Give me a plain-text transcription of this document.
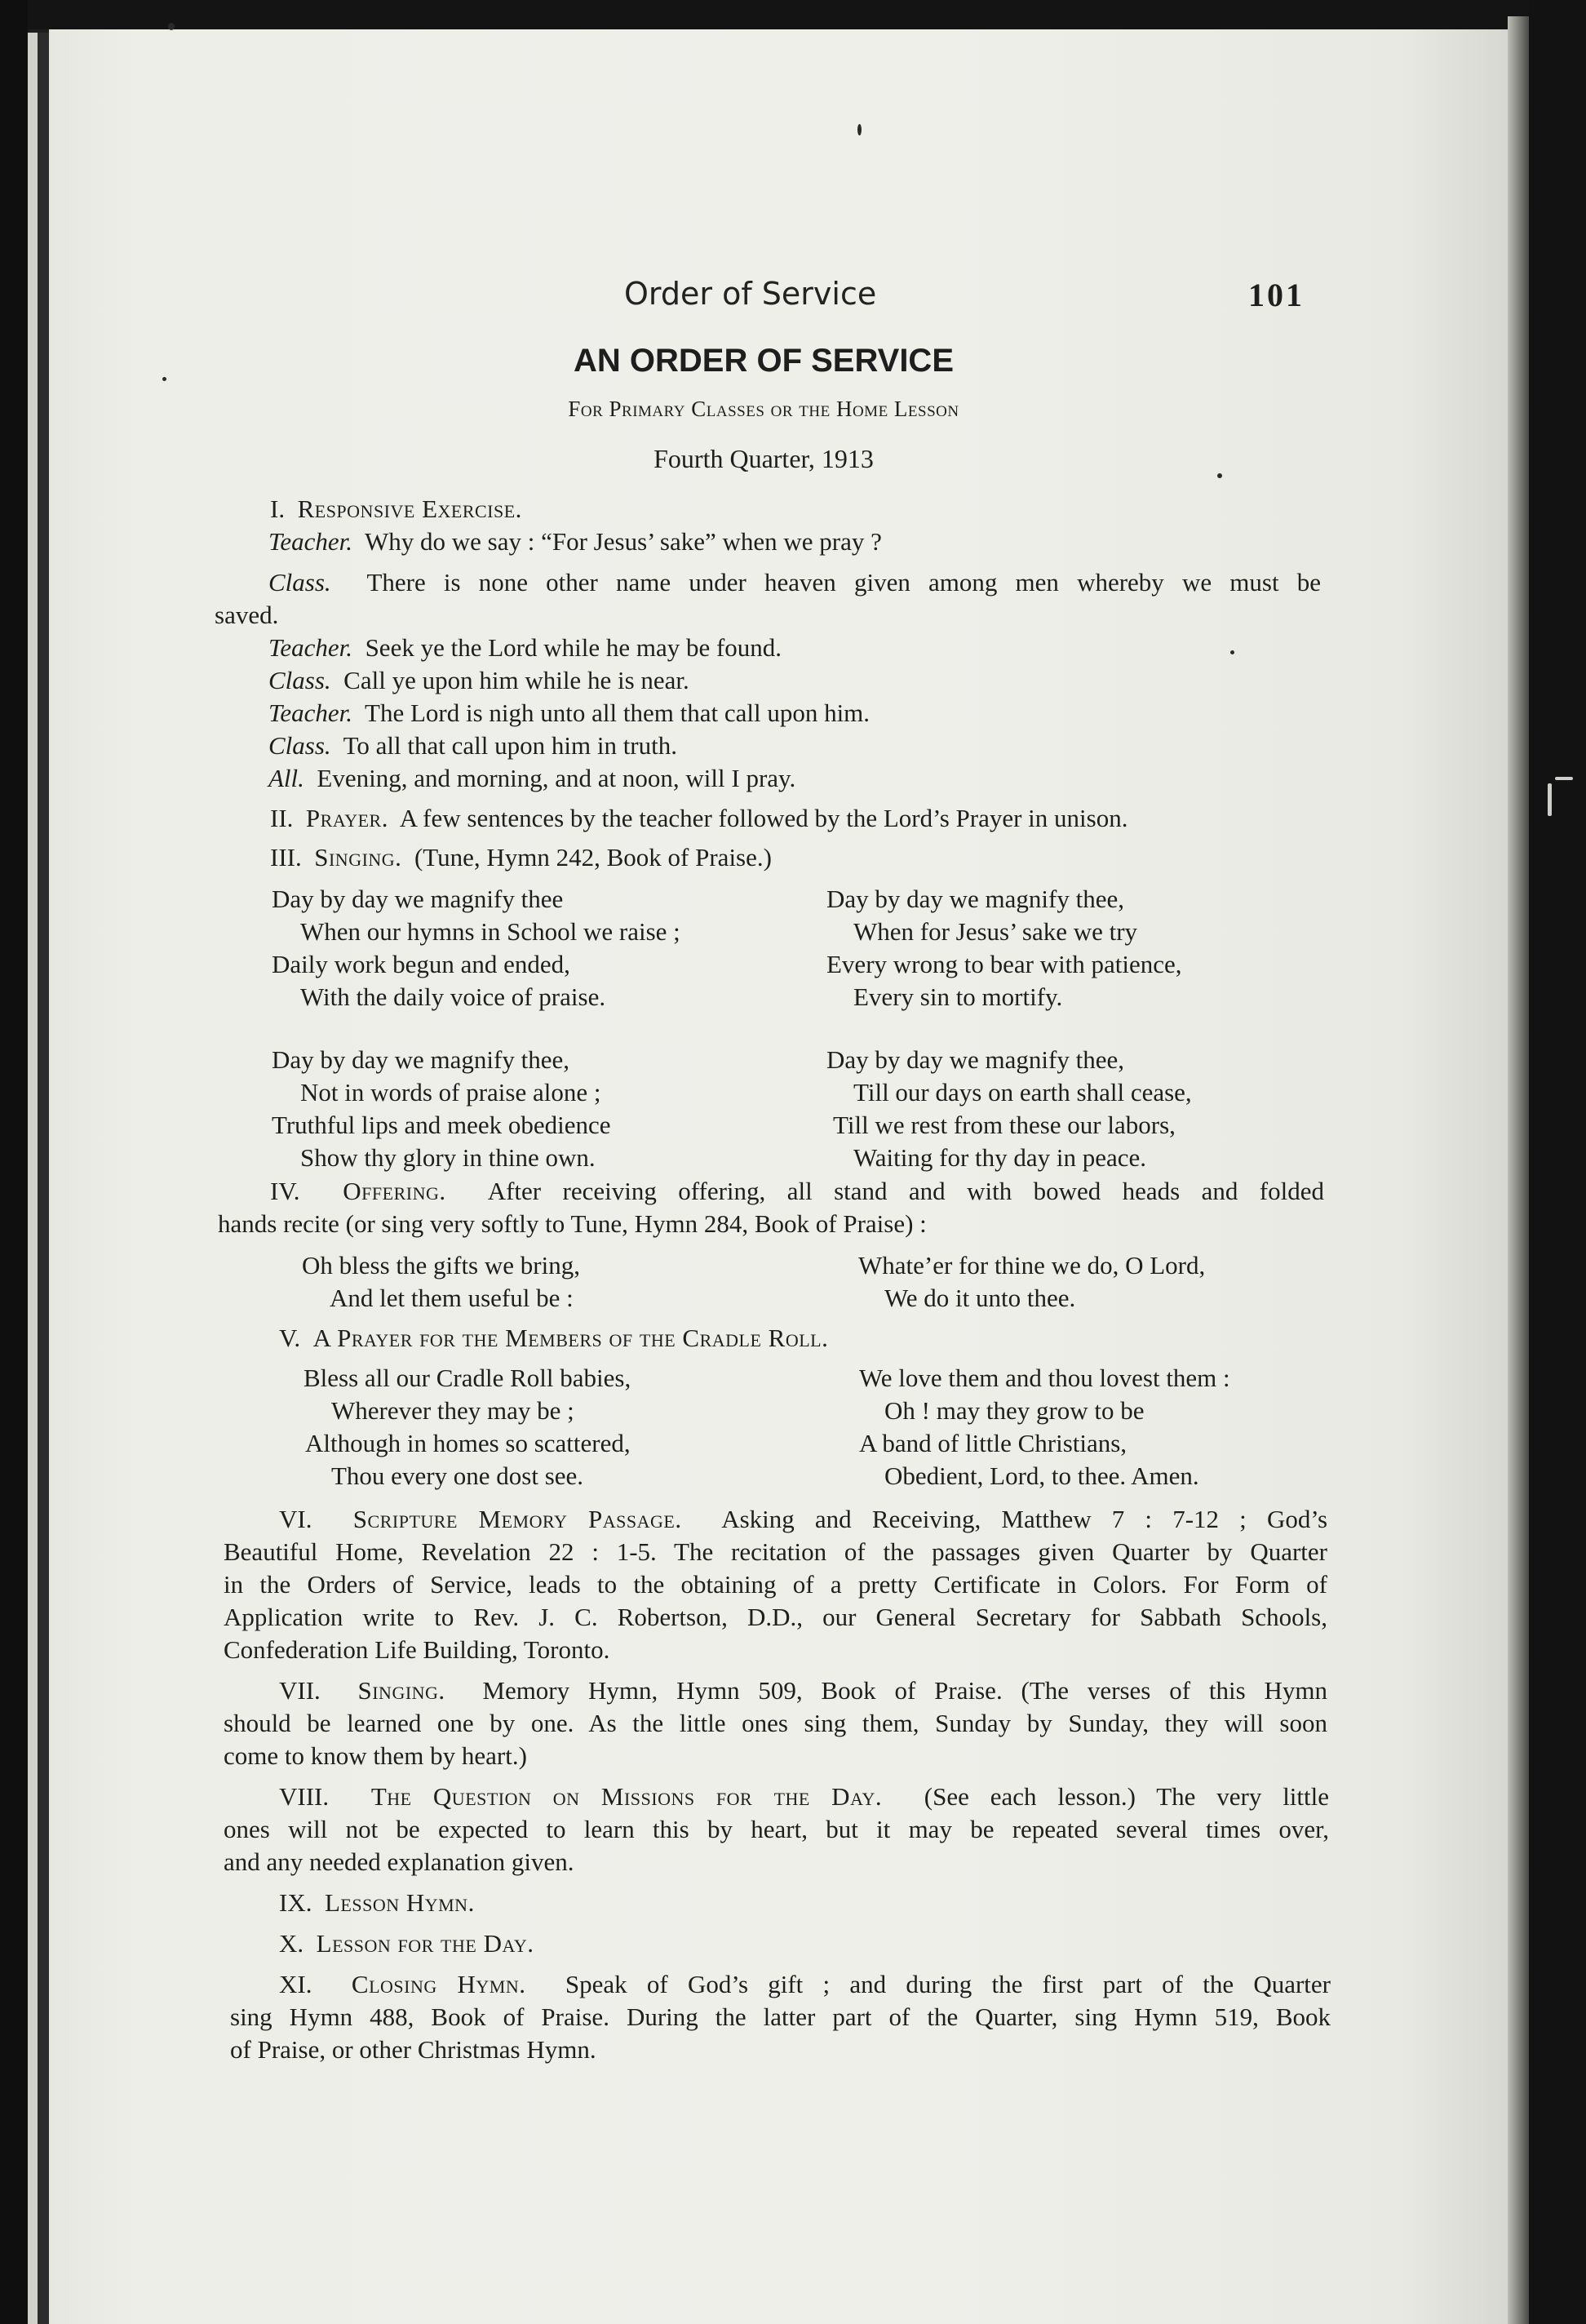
Order of Service	101
AN ORDER OF SERVICE
For Primary Classes or the Home Lesson
Fourth Quarter, 1913
I. Responsive Exercise.
Teacher. Why do we say : “For Jesus’ sake” when we pray ?
Class. There is none other name under heaven given among men whereby we must be
saved.
Teacher. Seek ye the Lord while he may be found.
Class. Call ye upon him while he is near.
Teacher. The Lord is nigh unto all them that call upon him.
Class. To all that call upon him in truth.
All. Evening, and morning, and at noon, will I pray.
II. Prayer. A few sentences by the teacher followed by the Lord’s Prayer in unison.
III. Singing. (Tune, Hymn 242, Book of Praise.)
Day by day we magnify thee
When our hymns in School we raise ;
Daily work begun and ended,
With the daily voice of praise.
Day by day we magnify thee,
When for Jesus’ sake we try
Every wrong to bear with patience,
Every sin to mortify.
Day by day we magnify thee,
Not in words of praise alone ;
Truthful lips and meek obedience
Show thy glory in thine own.
Day by day we magnify thee,
Till our days on earth shall cease,
Till we rest from these our labors,
Waiting for thy day in peace.
IV. Offering. After receiving offering, all stand and with bowed heads and folded
hands recite (or sing very softly to Tune, Hymn 284, Book of Praise) :
Oh bless the gifts we bring,
And let them useful be :
Whate’er for thine we do, O Lord,
We do it unto thee.
V. A Prayer for the Members of the Cradle Roll.
Bless all our Cradle Roll babies,
Wherever they may be ;
Although in homes so scattered,
Thou every one dost see.
We love them and thou lovest them :
Oh ! may they grow to be
A band of little Christians,
Obedient, Lord, to thee. Amen.
VI. Scripture Memory Passage. Asking and Receiving, Matthew 7 : 7-12 ; God’s
Beautiful Home, Revelation 22 : 1-5. The recitation of the passages given Quarter by Quarter
in the Orders of Service, leads to the obtaining of a pretty Certificate in Colors. For Form of
Application write to Rev. J. C. Robertson, D.D., our General Secretary for Sabbath Schools,
Confederation Life Building, Toronto.
VII. Singing. Memory Hymn, Hymn 509, Book of Praise. (The verses of this Hymn
should be learned one by one. As the little ones sing them, Sunday by Sunday, they will soon
come to know them by heart.)
VIII. The Question on Missions for the Day. (See each lesson.) The very little
ones will not be expected to learn this by heart, but it may be repeated several times over,
and any needed explanation given.
IX. Lesson Hymn.
X. Lesson for the Day.
XI. Closing Hymn. Speak of God’s gift ; and during the first part of the Quarter
sing Hymn 488, Book of Praise. During the latter part of the Quarter, sing Hymn 519, Book
of Praise, or other Christmas Hymn.
